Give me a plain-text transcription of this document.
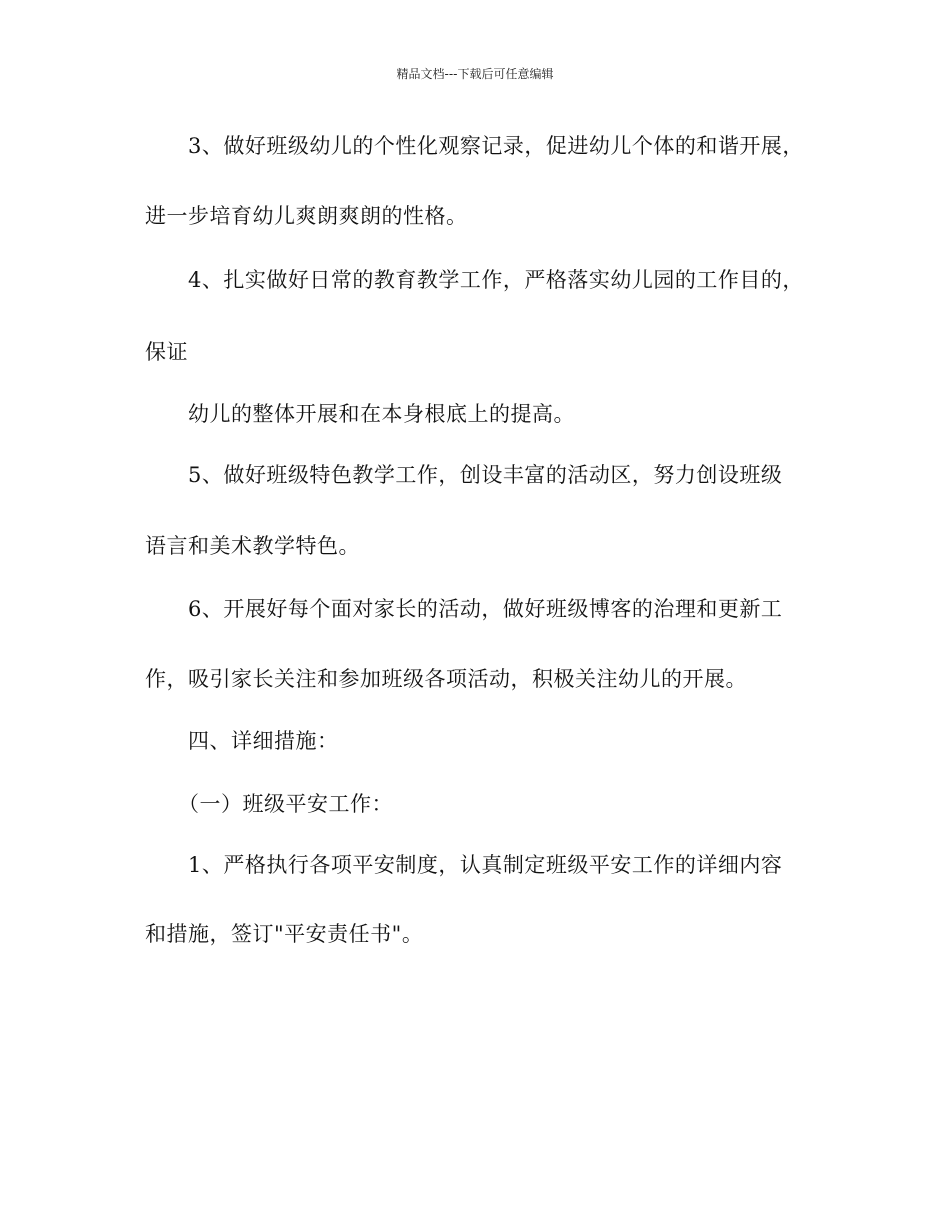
精品文档---下载后可任意编辑
3、做好班级幼儿的个性化观察记录，促进幼儿个体的和谐开展，
进一步培育幼儿爽朗爽朗的性格。
4、扎实做好日常的教育教学工作，严格落实幼儿园的工作目的，
保证
幼儿的整体开展和在本身根底上的提高。
5、做好班级特色教学工作，创设丰富的活动区，努力创设班级
语言和美术教学特色。
6、开展好每个面对家长的活动，做好班级博客的治理和更新工
作，吸引家长关注和参加班级各项活动，积极关注幼儿的开展。
四、详细措施：
（一）班级平安工作：
1、严格执行各项平安制度，认真制定班级平安工作的详细内容
和措施，签订"平安责任书"。
